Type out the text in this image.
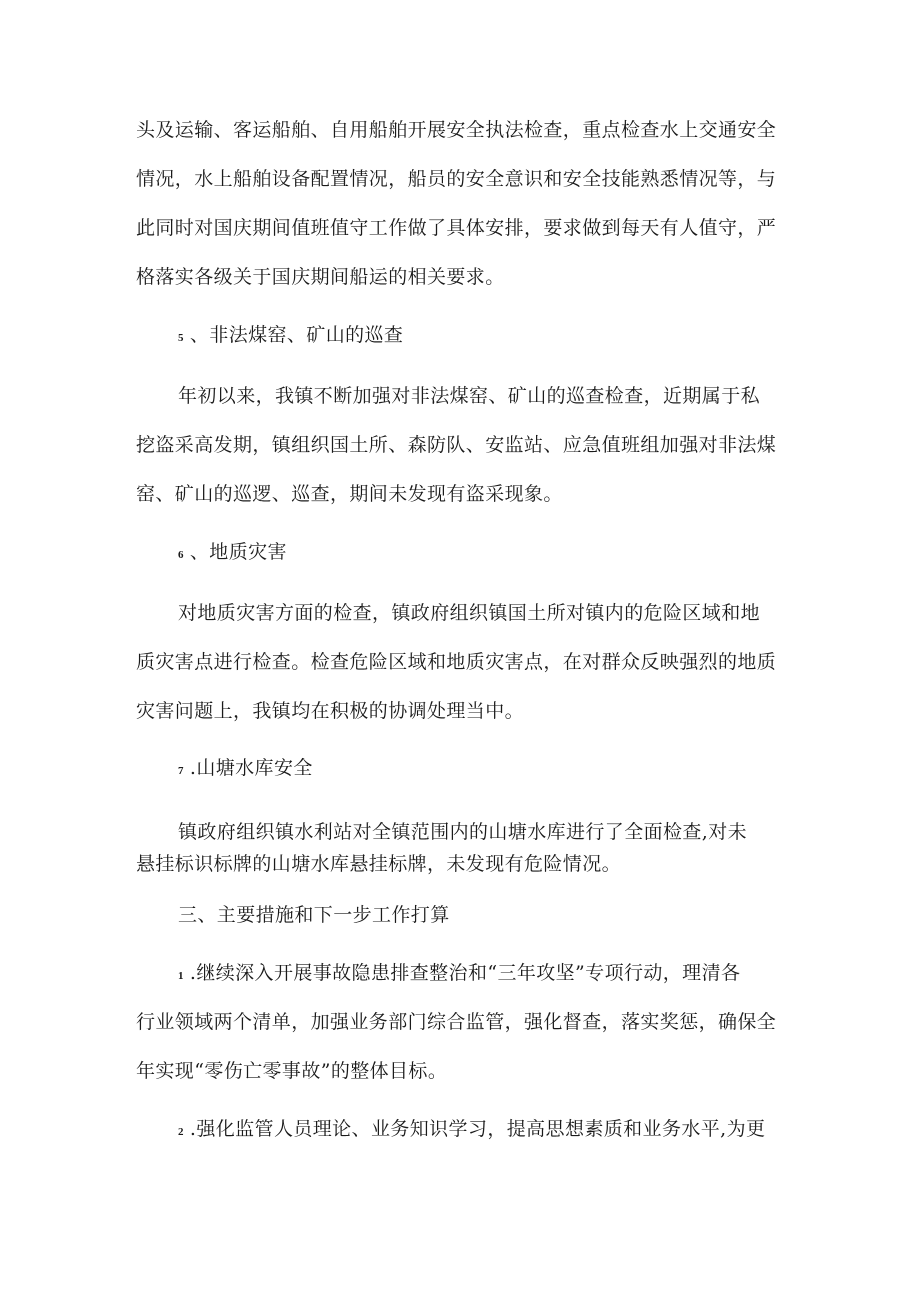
头及运输、客运船舶、自用船舶开展安全执法检查，重点检查水上交通安全
情况，水上船舶设备配置情况，船员的安全意识和安全技能熟悉情况等，与
此同时对国庆期间值班值守工作做了具体安排，要求做到每天有人值守，严
格落实各级关于国庆期间船运的相关要求。
5 、非法煤窑、矿山的巡查
年初以来，我镇不断加强对非法煤窑、矿山的巡查检查，近期属于私
挖盗采高发期，镇组织国土所、森防队、安监站、应急值班组加强对非法煤
窑、矿山的巡逻、巡查，期间未发现有盗采现象。
6 、地质灾害
对地质灾害方面的检查，镇政府组织镇国土所对镇内的危险区域和地
质灾害点进行检查。检查危险区域和地质灾害点，在对群众反映强烈的地质
灾害问题上，我镇均在积极的协调处理当中。
7 .山塘水库安全
镇政府组织镇水利站对全镇范围内的山塘水库进行了全面检查,对未
悬挂标识标牌的山塘水库悬挂标牌，未发现有危险情况。
三、主要措施和下一步工作打算
1 .继续深入开展事故隐患排查整治和“三年攻坚”专项行动，理清各
行业领域两个清单，加强业务部门综合监管，强化督查，落实奖惩，确保全
年实现“零伤亡零事故”的整体目标。
2 .强化监管人员理论、业务知识学习，提高思想素质和业务水平,为更
